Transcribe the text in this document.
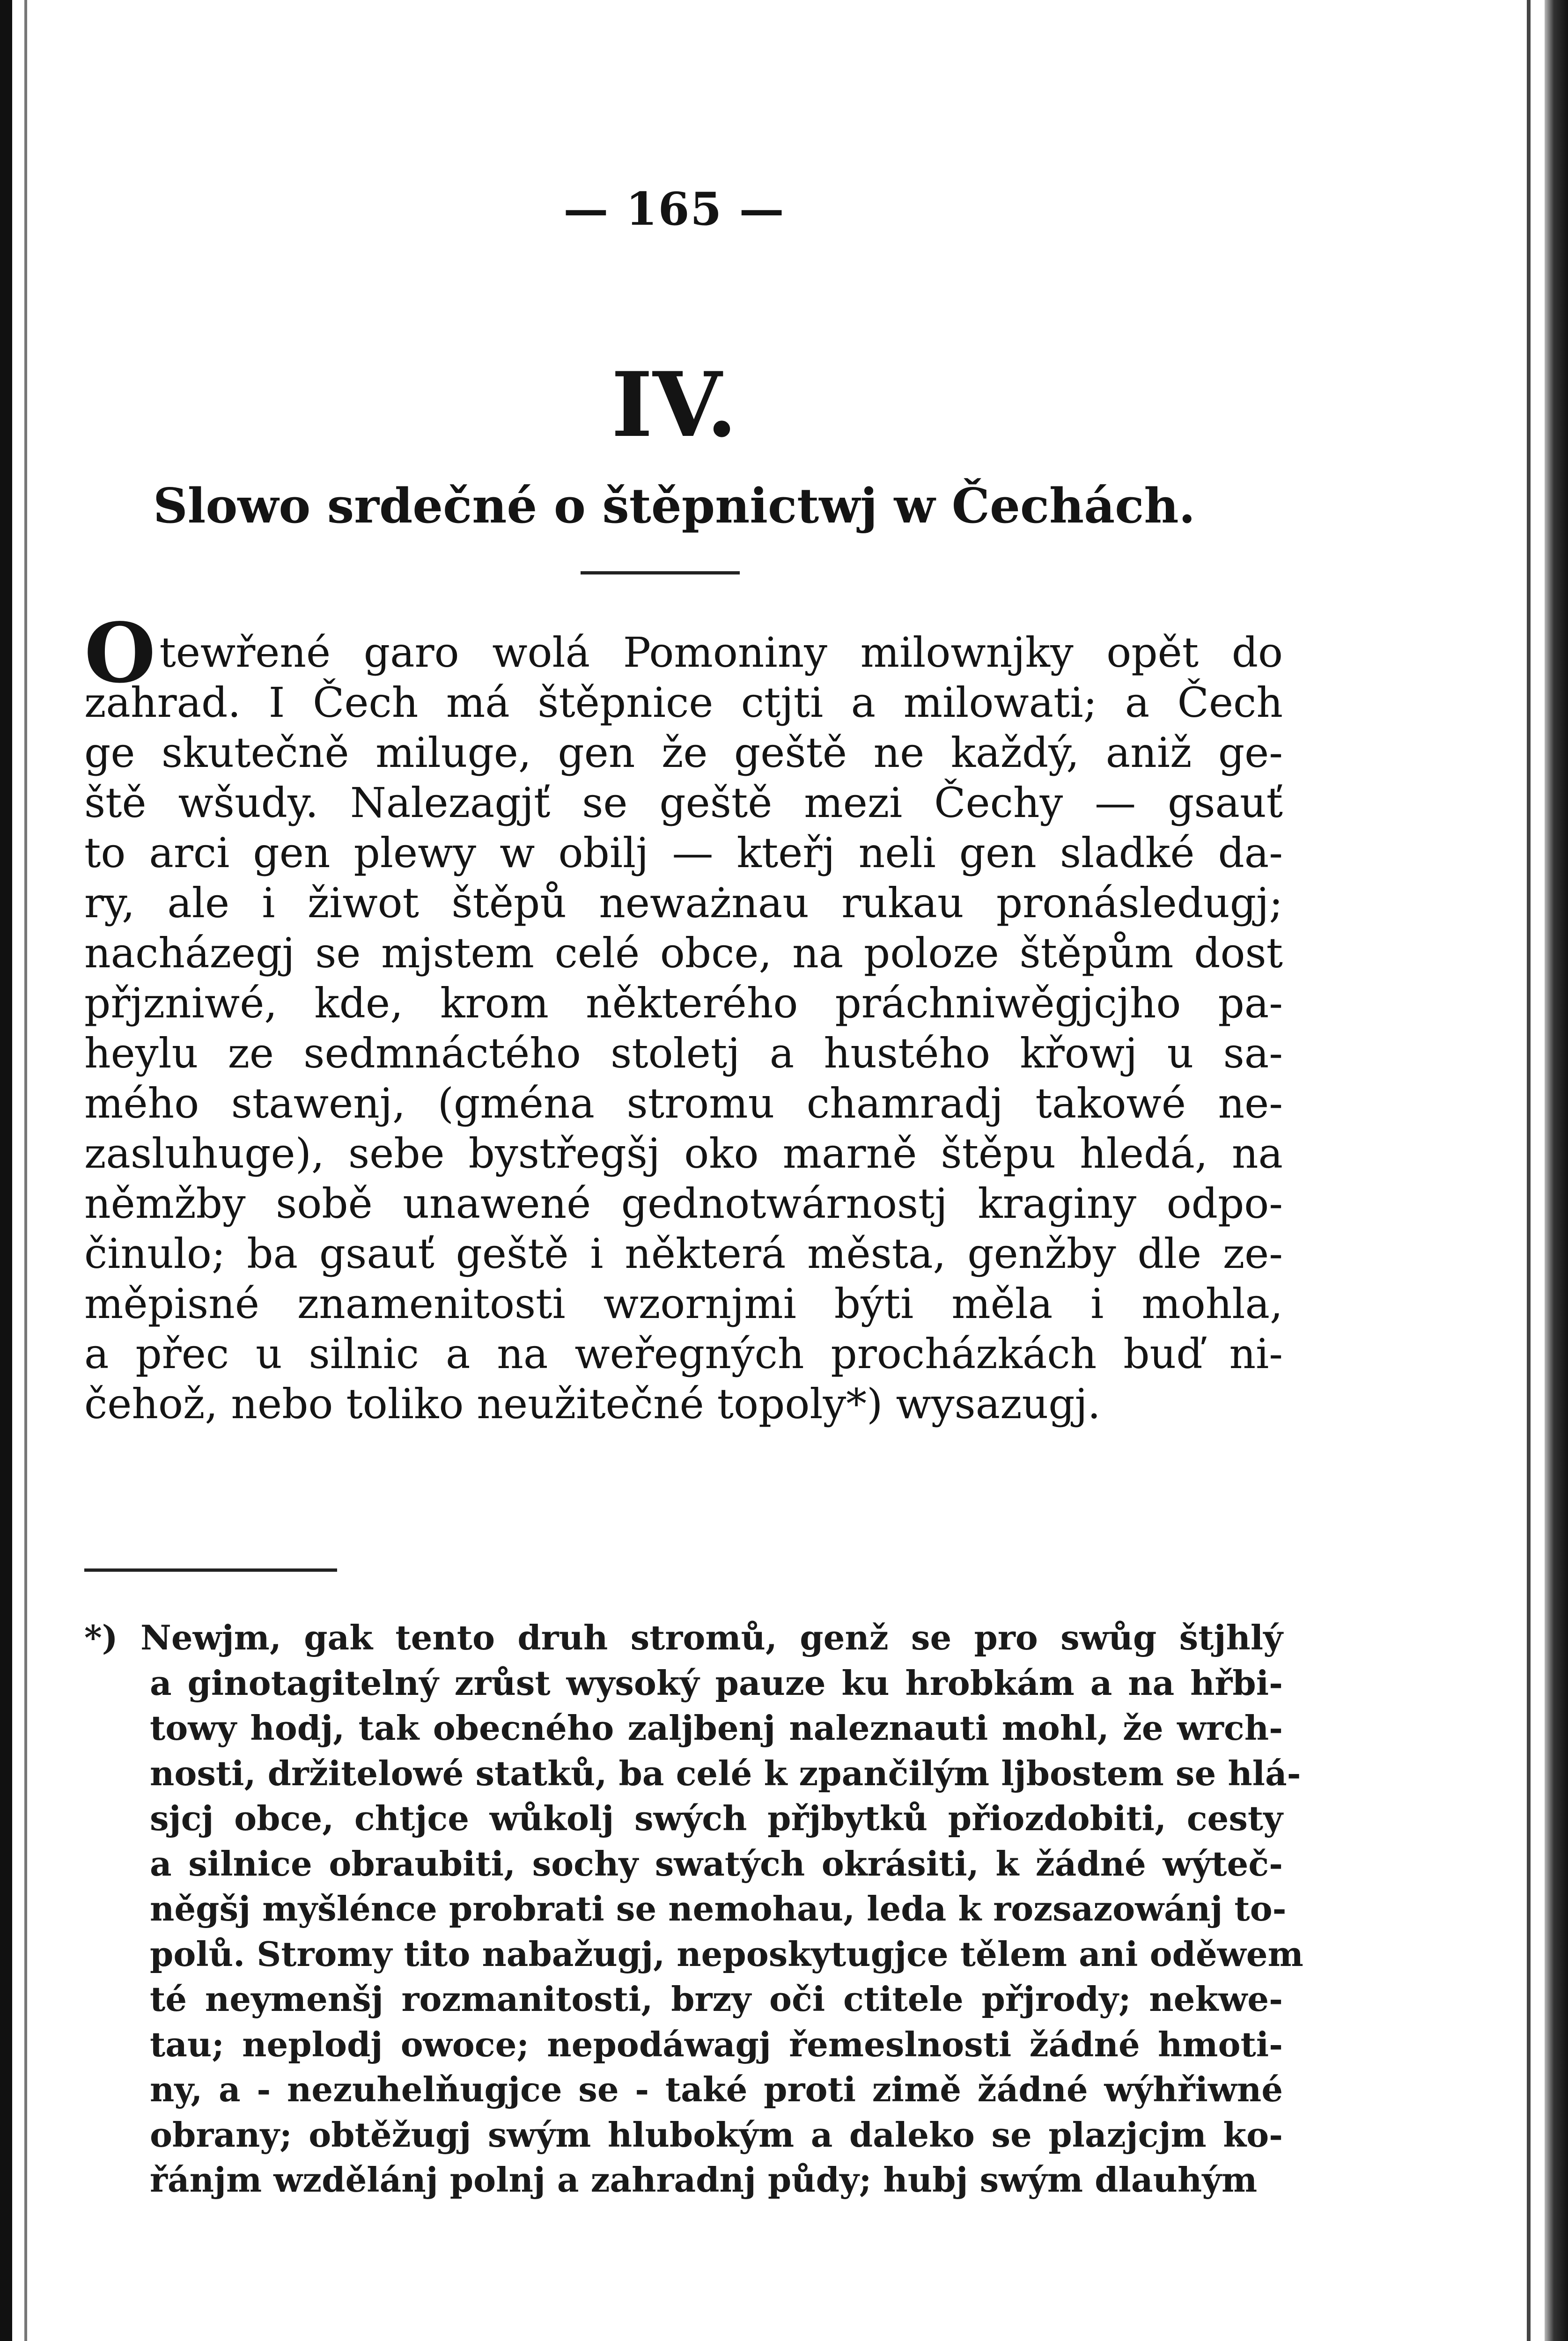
— 165 —
IV.
Slowo srdečné o štěpnictwj w Čechách.
Otewřené garo wolá Pomoniny milownjky opět do
zahrad. I Čech má štěpnice ctjti a milowati; a Čech
ge skutečně miluge, gen že geště ne každý, aniž ge-
ště wšudy. Nalezagjť se geště mezi Čechy — gsauť
to arci gen plewy w obilj — kteřj neli gen sladké da-
ry, ale i žiwot štěpů neważnau rukau pronásledugj;
nacházegj se mjstem celé obce, na poloze štěpům dost
přjzniwé, kde, krom některého práchniwěgjcjho pa-
heylu ze sedmnáctého stoletj a hustého křowj u sa-
mého stawenj, (gména stromu chamradj takowé ne-
zasluhuge), sebe bystřegšj oko marně štěpu hledá, na
němžby sobě unawené gednotwárnostj kraginy odpo-
činulo; ba gsauť geště i některá města, genžby dle ze-
měpisné znamenitosti wzornjmi býti měla i mohla,
a přec u silnic a na weřegných procházkách buď ni-
čehož, nebo toliko neužitečné topoly*) wysazugj.
*) Newjm, gak tento druh stromů, genž se pro swůg štjhlý
a ginotagitelný zrůst wysoký pauze ku hrobkám a na hřbi-
towy hodj, tak obecného zaljbenj naleznauti mohl, že wrch-
nosti, držitelowé statků, ba celé k zpančilým ljbostem se hlá-
sjcj obce, chtjce wůkolj swých přjbytků přiozdobiti, cesty
a silnice obraubiti, sochy swatých okrásiti, k žádné wýteč-
něgšj myšlénce probrati se nemohau, leda k rozsazowánj to-
polů. Stromy tito nabažugj, neposkytugjce tělem ani oděwem
té neymenšj rozmanitosti, brzy oči ctitele přjrody; nekwe-
tau; neplodj owoce; nepodáwagj řemeslnosti žádné hmoti-
ny, a - nezuhelňugjce se - také proti zimě žádné wýhřiwné
obrany; obtěžugj swým hlubokým a daleko se plazjcjm ko-
řánjm wzdělánj polnj a zahradnj půdy; hubj swým dlauhým
